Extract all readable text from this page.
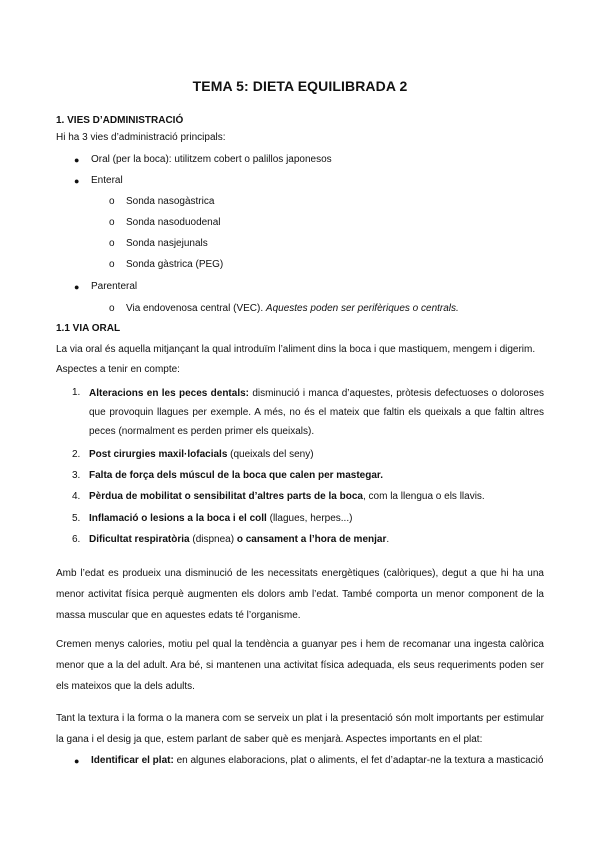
TEMA 5: DIETA EQUILIBRADA 2
1. VIES D’ADMINISTRACIÓ
Hi ha 3 vies d’administració principals:
● Oral (per la boca): utilitzem cobert o palillos japonesos
● Enteral
o Sonda nasogàstrica
o Sonda nasoduodenal
o Sonda nasjejunals
o Sonda gàstrica (PEG)
● Parenteral
o Via endovenosa central (VEC). Aquestes poden ser perifèriques o centrals.
1.1 VIA ORAL
La via oral és aquella mitjançant la qual introduïm l’aliment dins la boca i que mastiquem, mengem i digerim.
Aspectes a tenir en compte:
1. Alteracions en les peces dentals: disminució i manca d’aquestes, pròtesis defectuoses o doloroses que provoquin llagues per exemple. A més, no és el mateix que faltin els queixals a que faltin altres peces (normalment es perden primer els queixals).
2. Post cirurgies maxil·lofacials (queixals del seny)
3. Falta de força dels múscul de la boca que calen per mastegar.
4. Pèrdua de mobilitat o sensibilitat d’altres parts de la boca, com la llengua o els llavis.
5. Inflamació o lesions a la boca i el coll (llagues, herpes...)
6. Dificultat respiratòria (dispnea) o cansament a l’hora de menjar.
Amb l’edat es produeix una disminució de les necessitats energètiques (calòriques), degut a que hi ha una menor activitat física perquè augmenten els dolors amb l’edat. També comporta un menor component de la massa muscular que en aquestes edats té l’organisme.
Cremen menys calories, motiu pel qual la tendència a guanyar pes i hem de recomanar una ingesta calòrica menor que a la del adult. Ara bé, si mantenen una activitat física adequada, els seus requeriments poden ser els mateixos que la dels adults.
Tant la textura i la forma o la manera com se serveix un plat i la presentació són molt importants per estimular la gana i el desig ja que, estem parlant de saber què es menjarà. Aspectes importants en el plat:
● Identificar el plat: en algunes elaboracions, plat o aliments, el fet d’adaptar-ne la textura a masticació
